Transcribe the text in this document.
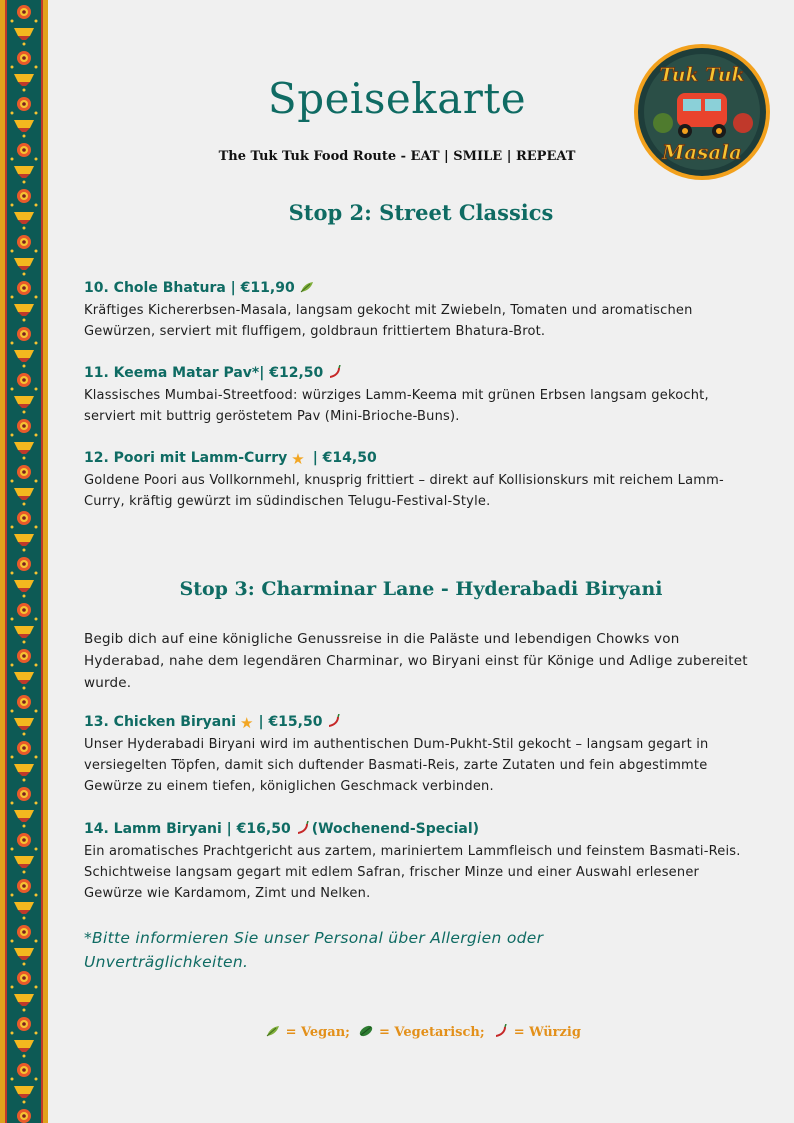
Speisekarte

The Tuk Tuk Food Route - EAT | SMILE | REPEAT

Tuk Tuk
Masala
Stop 2: Street Classics

10. Chole Bhatura | €11,90

Kräftiges Kichererbsen-Masala, langsam gekocht mit Zwiebeln, Tomaten und aromatischen Gewürzen, serviert mit fluffigem, goldbraun frittiertem Bhatura-Brot.

11. Keema Matar Pav*| €12,50

Klassisches Mumbai-Streetfood: würziges Lamm-Keema mit grünen Erbsen langsam gekocht, serviert mit buttrig geröstetem Pav (Mini-Brioche-Buns).

12. Poori mit Lamm-Curry ★ | €14,50

Goldene Poori aus Vollkornmehl, knusprig frittiert – direkt auf Kollisionskurs mit reichem Lamm-Curry, kräftig gewürzt im südindischen Telugu-Festival-Style.

Stop 3: Charminar Lane - Hyderabadi Biryani

Begib dich auf eine königliche Genussreise in die Paläste und lebendigen Chowks von Hyderabad, nahe dem legendären Charminar, wo Biryani einst für Könige und Adlige zubereitet wurde.

13. Chicken Biryani ★ | €15,50

Unser Hyderabadi Biryani wird im authentischen Dum-Pukht-Stil gekocht – langsam gegart in versiegelten Töpfen, damit sich duftender Basmati-Reis, zarte Zutaten und fein abgestimmte Gewürze zu einem tiefen, königlichen Geschmack verbinden.

14. Lamm Biryani | €16,50 (Wochenend-Special)

Ein aromatisches Prachtgericht aus zartem, mariniertem Lammfleisch und feinstem Basmati-Reis. Schichtweise langsam gegart mit edlem Safran, frischer Minze und einer Auswahl erlesener Gewürze wie Kardamom, Zimt und Nelken.

*Bitte informieren Sie unser Personal über Allergien oder Unverträglichkeiten.

= Vegan; = Vegetarisch; = Würzig
